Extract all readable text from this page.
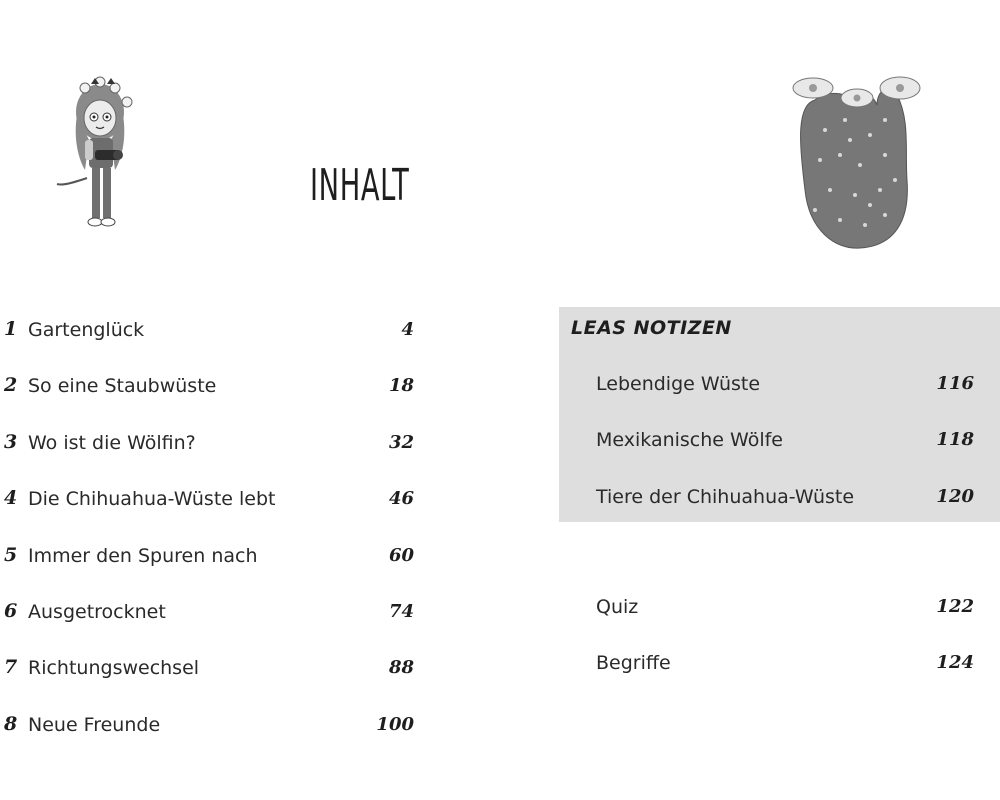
INHALT
1 Gartenglück	4
2 So eine Staubwüste	18
3 Wo ist die Wölfin?	32
4 Die Chihuahua-Wüste lebt	46
5 Immer den Spuren nach	60
6 Ausgetrocknet	74
7 Richtungswechsel	88
8 Neue Freunde	100
LEAS NOTIZEN
Lebendige Wüste	116
Mexikanische Wölfe	118
Tiere der Chihuahua-Wüste	120
Quiz	122
Begriffe	124
